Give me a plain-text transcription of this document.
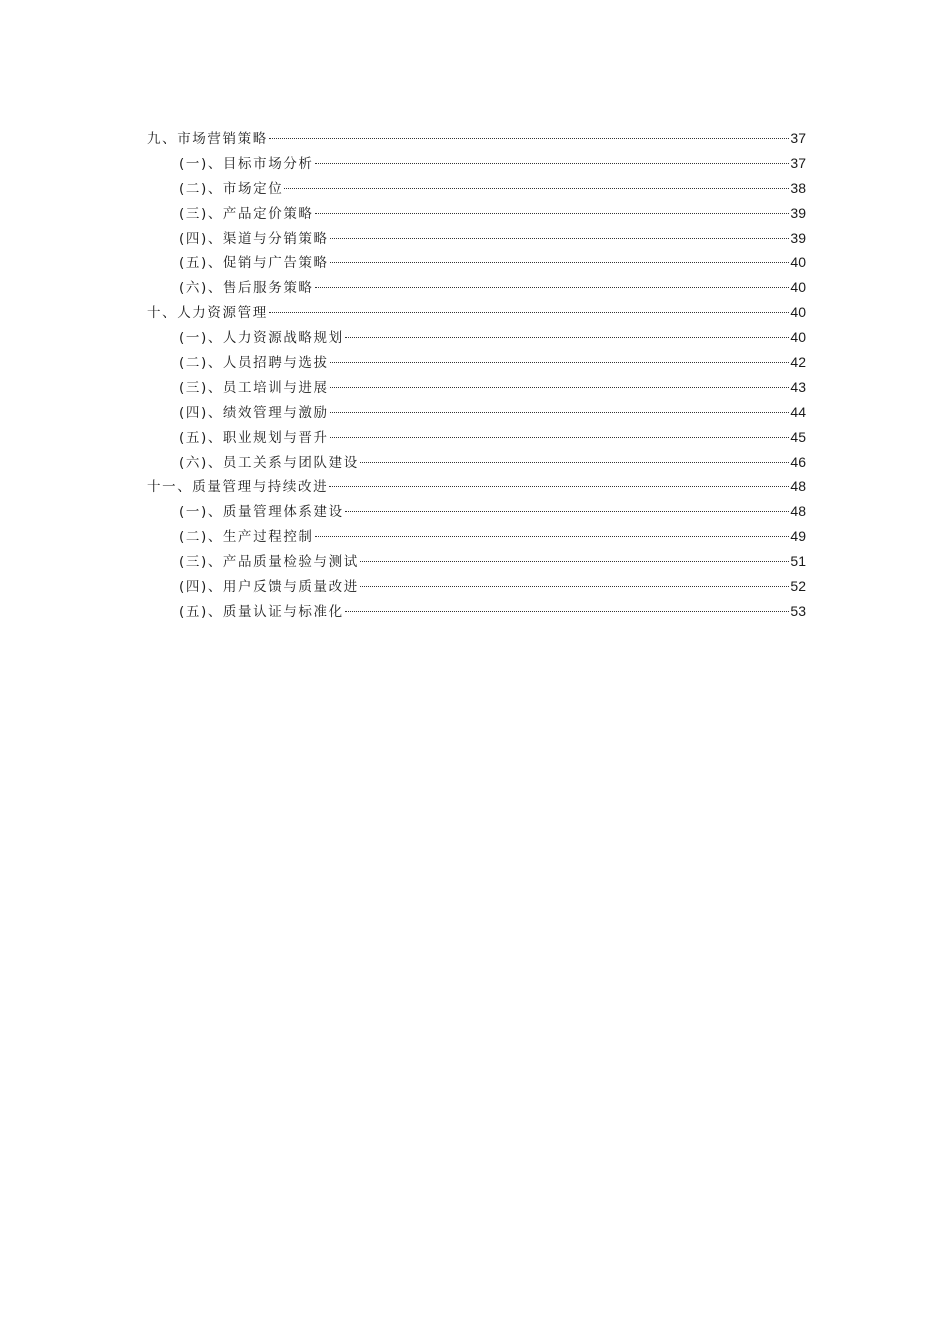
九、市场营销策略	37
(一)、目标市场分析	37
(二)、市场定位	38
(三)、产品定价策略	39
(四)、渠道与分销策略	39
(五)、促销与广告策略	40
(六)、售后服务策略	40
十、人力资源管理	40
(一)、人力资源战略规划	40
(二)、人员招聘与选拔	42
(三)、员工培训与进展	43
(四)、绩效管理与激励	44
(五)、职业规划与晋升	45
(六)、员工关系与团队建设	46
十一、质量管理与持续改进	48
(一)、质量管理体系建设	48
(二)、生产过程控制	49
(三)、产品质量检验与测试	51
(四)、用户反馈与质量改进	52
(五)、质量认证与标准化	53
